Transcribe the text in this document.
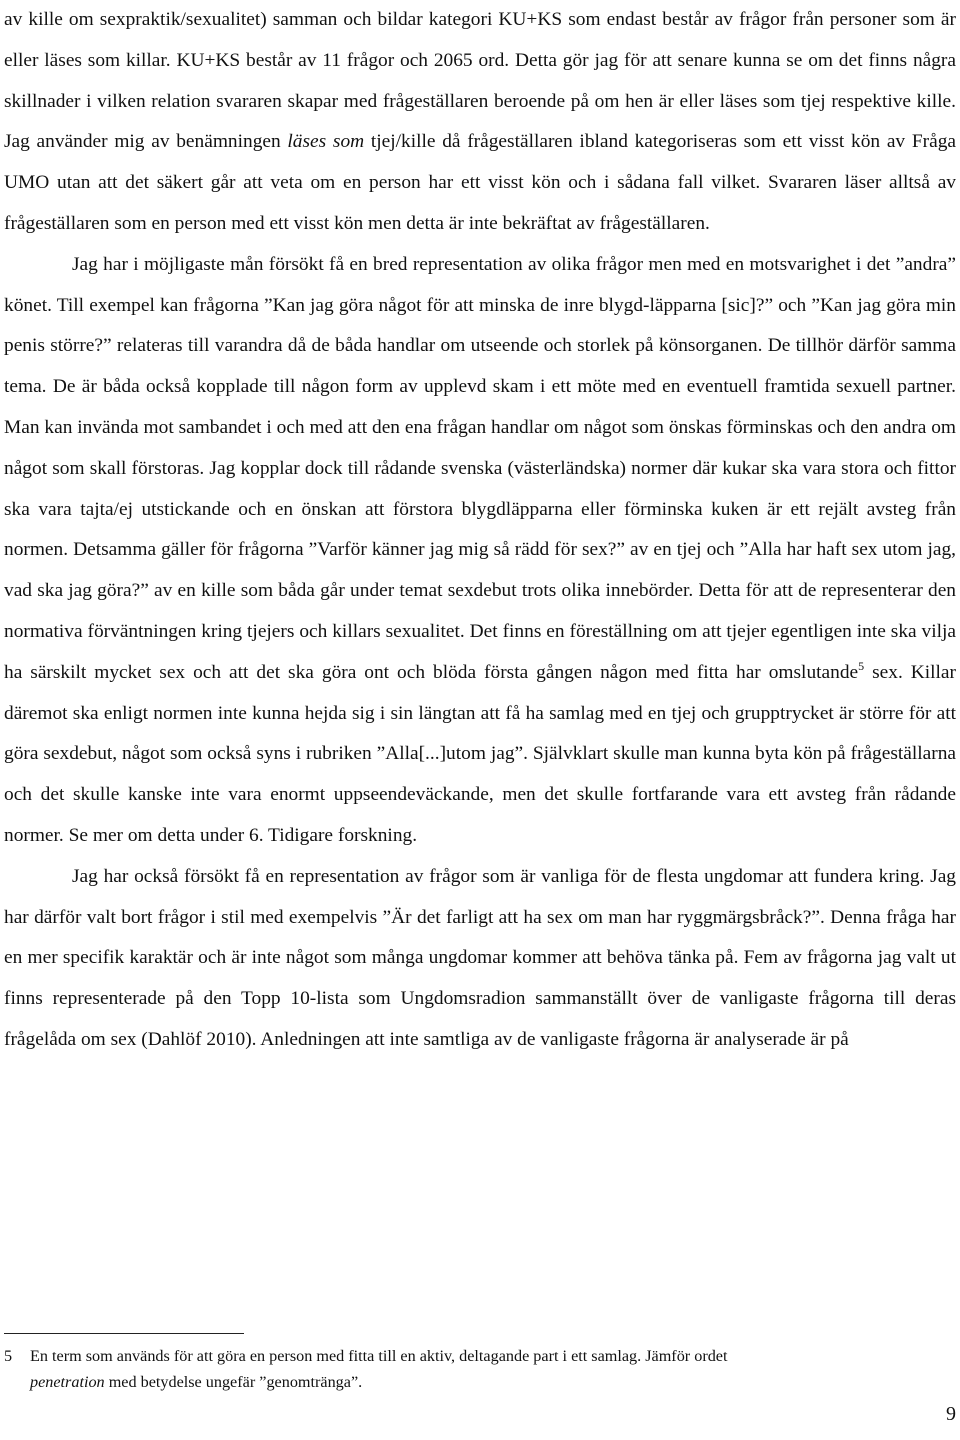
av kille om sexpraktik/sexualitet) samman och bildar kategori KU+KS som endast består av frågor från personer som är eller läses som killar. KU+KS består av 11 frågor och 2065 ord. Detta gör jag för att senare kunna se om det finns några skillnader i vilken relation svararen skapar med frågeställaren beroende på om hen är eller läses som tjej respektive kille. Jag använder mig av benämningen läses som tjej/kille då frågeställaren ibland kategoriseras som ett visst kön av Fråga UMO utan att det säkert går att veta om en person har ett visst kön och i sådana fall vilket. Svararen läser alltså av frågeställaren som en person med ett visst kön men detta är inte bekräftat av frågeställaren.

Jag har i möjligaste mån försökt få en bred representation av olika frågor men med en motsvarighet i det ”andra” könet. Till exempel kan frågorna ”Kan jag göra något för att minska de inre blygd-läpparna [sic]?” och ”Kan jag göra min penis större?” relateras till varandra då de båda handlar om utseende och storlek på könsorganen. De tillhör därför samma tema. De är båda också kopplade till någon form av upplevd skam i ett möte med en eventuell framtida sexuell partner. Man kan invända mot sambandet i och med att den ena frågan handlar om något som önskas förminskas och den andra om något som skall förstoras. Jag kopplar dock till rådande svenska (västerländska) normer där kukar ska vara stora och fittor ska vara tajta/ej utstickande och en önskan att förstora blygdläpparna eller förminska kuken är ett rejält avsteg från normen. Detsamma gäller för frågorna ”Varför känner jag mig så rädd för sex?” av en tjej och ”Alla har haft sex utom jag, vad ska jag göra?” av en kille som båda går under temat sexdebut trots olika innebörder. Detta för att de representerar den normativa förväntningen kring tjejers och killars sexualitet. Det finns en föreställning om att tjejer egentligen inte ska vilja ha särskilt mycket sex och att det ska göra ont och blöda första gången någon med fitta har omslutande$^5$ sex. Killar däremot ska enligt normen inte kunna hejda sig i sin längtan att få ha samlag med en tjej och grupptrycket är större för att göra sexdebut, något som också syns i rubriken ”Alla[...]utom jag”. Självklart skulle man kunna byta kön på frågeställarna och det skulle kanske inte vara enormt uppseendeväckande, men det skulle fortfarande vara ett avsteg från rådande normer. Se mer om detta under 6. Tidigare forskning.

Jag har också försökt få en representation av frågor som är vanliga för de flesta ungdomar att fundera kring. Jag har därför valt bort frågor i stil med exempelvis ”Är det farligt att ha sex om man har ryggmärgsbråck?”. Denna fråga har en mer specifik karaktär och är inte något som många ungdomar kommer att behöva tänka på. Fem av frågorna jag valt ut finns representerade på den Topp 10-lista som Ungdomsradion sammanställt över de vanligaste frågorna till deras frågelåda om sex (Dahlöf 2010). Anledningen att inte samtliga av de vanligaste frågorna är analyserade är på

5 En term som används för att göra en person med fitta till en aktiv, deltagande part i ett samlag. Jämför ordet
penetration med betydelse ungefär ”genomtränga”.
9
